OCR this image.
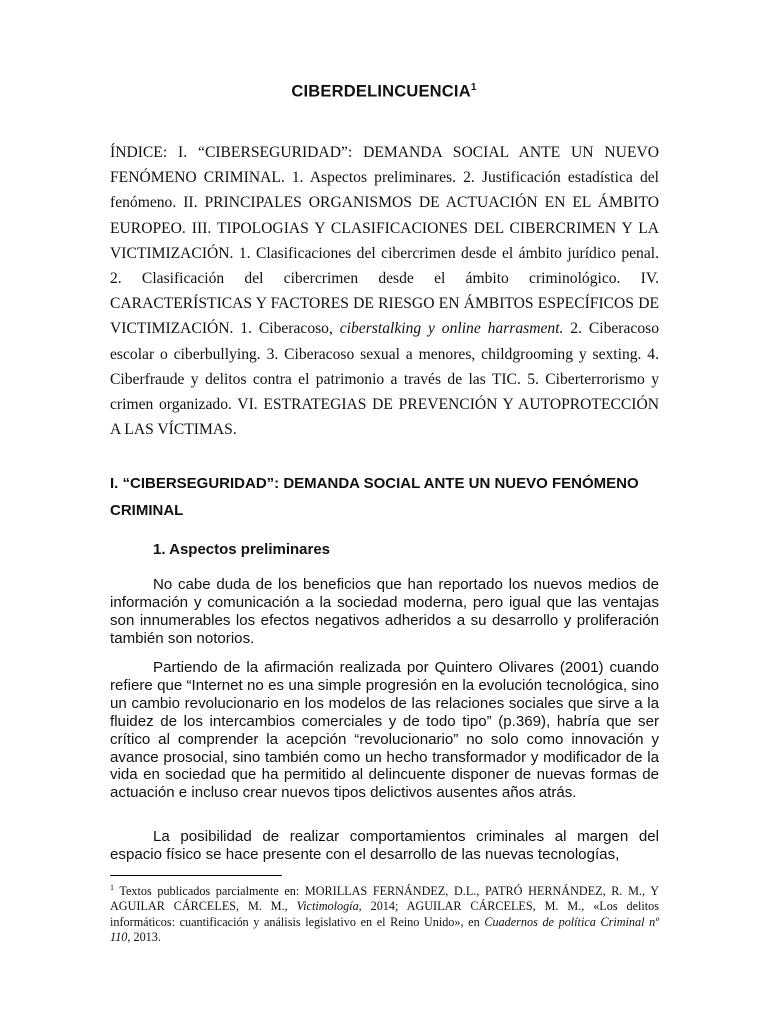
CIBERDELINCUENCIA$^1$
ÍNDICE: I. “CIBERSEGURIDAD”: DEMANDA SOCIAL ANTE UN NUEVO FENÓMENO CRIMINAL. 1. Aspectos preliminares. 2. Justificación estadística del fenómeno. II. PRINCIPALES ORGANISMOS DE ACTUACIÓN EN EL ÁMBITO EUROPEO. III. TIPOLOGIAS Y CLASIFICACIONES DEL CIBERCRIMEN Y LA VICTIMIZACIÓN. 1. Clasificaciones del cibercrimen desde el ámbito jurídico penal. 2. Clasificación del cibercrimen desde el ámbito criminológico. IV. CARACTERÍSTICAS Y FACTORES DE RIESGO EN ÁMBITOS ESPECÍFICOS DE VICTIMIZACIÓN. 1. Ciberacoso, ciberstalking y online harrasment. 2. Ciberacoso escolar o ciberbullying. 3. Ciberacoso sexual a menores, childgrooming y sexting. 4. Ciberfraude y delitos contra el patrimonio a través de las TIC. 5. Ciberterrorismo y crimen organizado. VI. ESTRATEGIAS DE PREVENCIÓN Y AUTOPROTECCIÓN A LAS VÍCTIMAS.
I. “CIBERSEGURIDAD”: DEMANDA SOCIAL ANTE UN NUEVO FENÓMENO CRIMINAL
1. Aspectos preliminares

No cabe duda de los beneficios que han reportado los nuevos medios de información y comunicación a la sociedad moderna, pero igual que las ventajas son innumerables los efectos negativos adheridos a su desarrollo y proliferación también son notorios.

Partiendo de la afirmación realizada por Quintero Olivares (2001) cuando refiere que “Internet no es una simple progresión en la evolución tecnológica, sino un cambio revolucionario en los modelos de las relaciones sociales que sirve a la fluidez de los intercambios comerciales y de todo tipo” (p.369), habría que ser crítico al comprender la acepción “revolucionario” no solo como innovación y avance prosocial, sino también como un hecho transformador y modificador de la vida en sociedad que ha permitido al delincuente disponer de nuevas formas de actuación e incluso crear nuevos tipos delictivos ausentes años atrás.

La posibilidad de realizar comportamientos criminales al margen del espacio físico se hace presente con el desarrollo de las nuevas tecnologías,

$^1$ Textos publicados parcialmente en: MORILLAS FERNÁNDEZ, D.L., PATRÓ HERNÁNDEZ, R. M., Y AGUILAR CÁRCELES, M. M., Victimología, 2014; AGUILAR CÁRCELES, M. M., «Los delitos informáticos: cuantificación y análisis legislativo en el Reino Unido», en Cuadernos de política Criminal nº 110, 2013.
